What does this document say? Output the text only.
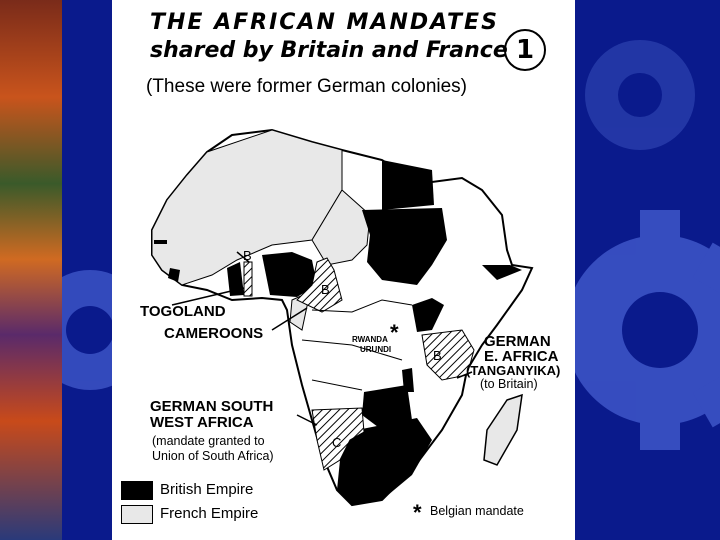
THE AFRICAN MANDATES
shared by Britain and France 1
(These were former German colonies)
B
B
B
C
TOGOLAND
CAMEROONS	*
RWANDA
URUNDI	GERMAN
E. AFRICA
(TANGANYIKA)
(to Britain)
GERMAN SOUTH
WEST AFRICA
(mandate granted to
Union of South Africa)
British Empire
French Empire	* Belgian mandate
